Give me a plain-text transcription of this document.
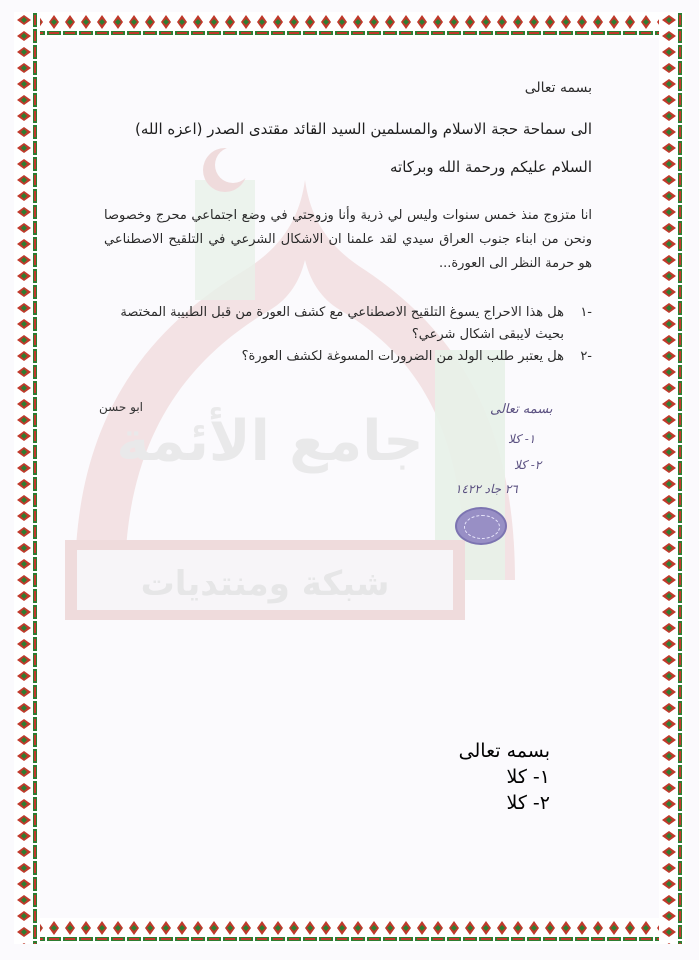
شبكة ومنتديات
جامع الأئمة
بسمه تعالى
الى سماحة حجة الاسلام والمسلمين السيد القائد مقتدى الصدر (اعزه الله)
السلام عليكم ورحمة الله وبركاته
انا متزوج منذ خمس سنوات وليس لي ذرية وأنا وزوجتي في وضع اجتماعي محرج وخصوصا ونحن من ابناء جنوب العراق سيدي لقد علمنا ان الاشكال الشرعي في التلقيح الاصطناعي هو حرمة النظر الى العورة...
-١
هل هذا الاحراج يسوغ التلقيح الاصطناعي مع كشف العورة من قبل الطبيبة المختصة بحيث لايبقى اشكال شرعي؟
-٢
هل يعتبر طلب الولد من الضرورات المسوغة لكشف العورة؟
ابو حسن	بسمه تعالى
١- كلا
٢- كلا
٢٦ جاد ١٤٢٢
بسمه تعالى
١- كلا
٢- كلا
